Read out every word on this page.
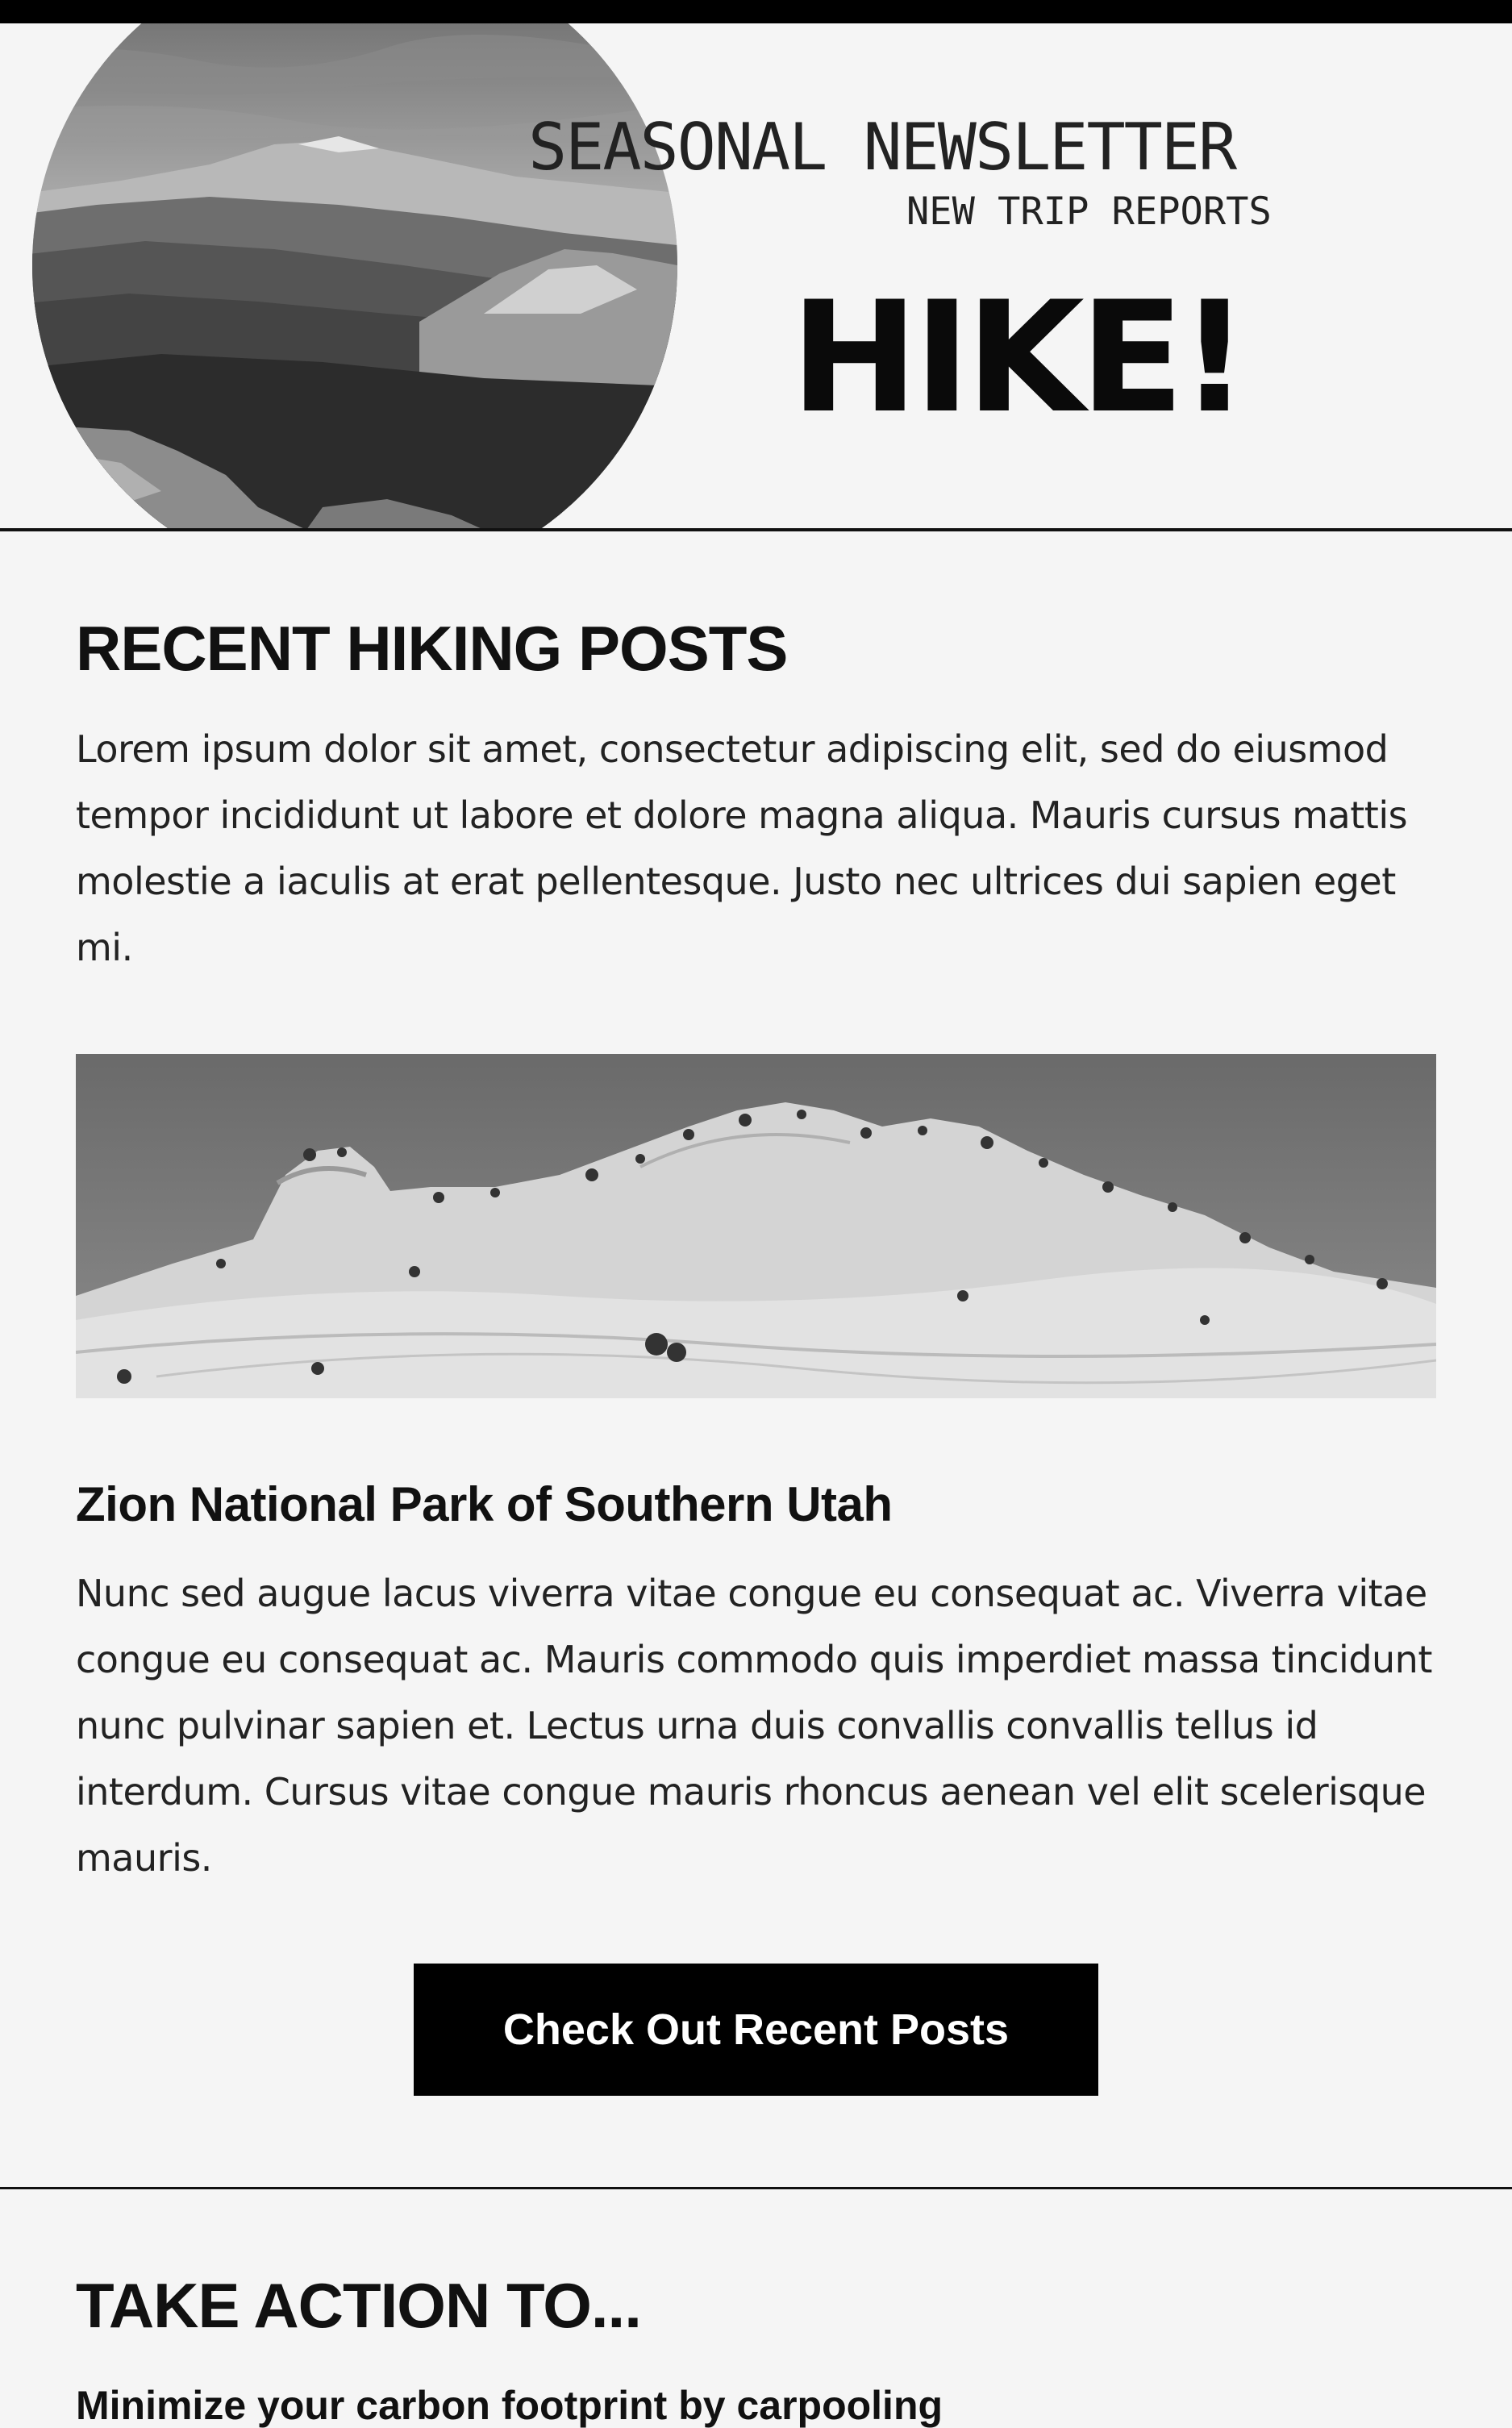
SEASONAL NEWSLETTER
NEW TRIP REPORTS
HIKE!
RECENT HIKING POSTS

Lorem ipsum dolor sit amet, consectetur adipiscing elit, sed do eiusmod tempor incididunt ut labore et dolore magna aliqua. Mauris cursus mattis molestie a iaculis at erat pellentesque. Justo nec ultrices dui sapien eget mi.

Zion National Park of Southern Utah

Nunc sed augue lacus viverra vitae congue eu consequat ac. Viverra vitae congue eu consequat ac. Mauris commodo quis imperdiet massa tincidunt nunc pulvinar sapien et. Lectus urna duis convallis convallis tellus id interdum. Cursus vitae congue mauris rhoncus aenean vel elit scelerisque mauris.

Check Out Recent Posts
TAKE ACTION TO...
Minimize your carbon footprint by carpooling
